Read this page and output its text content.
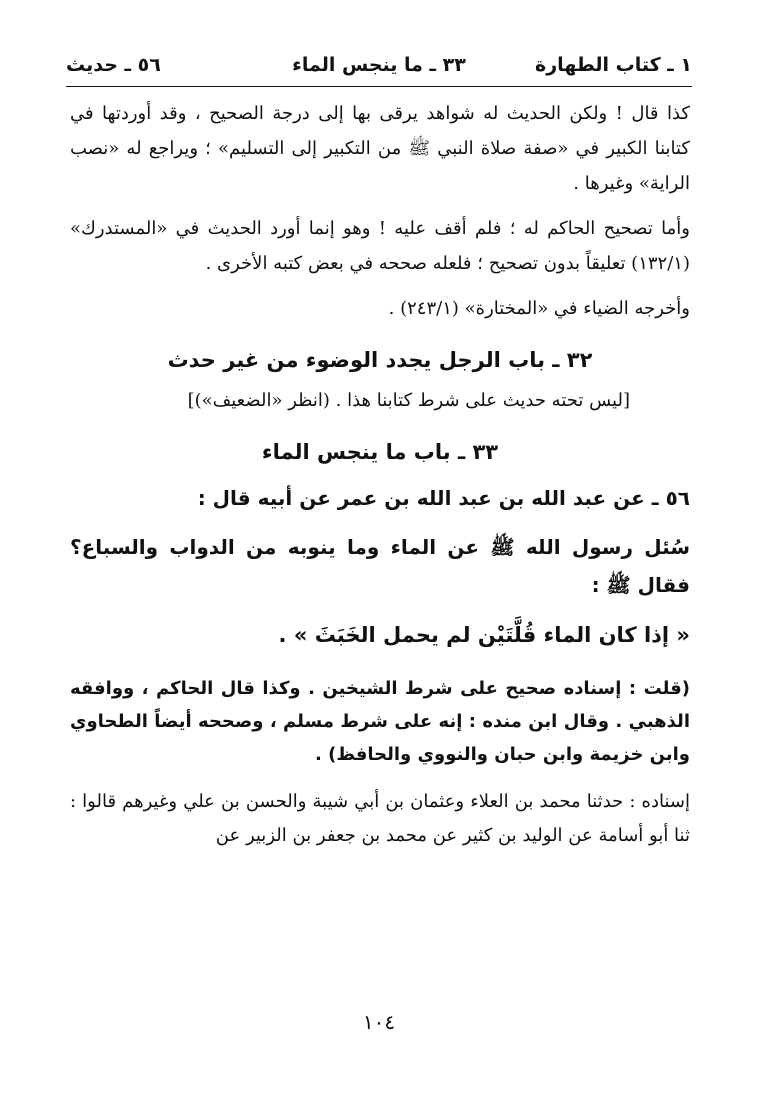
١ ـ كتاب الطهارة
٣٣ ـ ما ينجس الماء
٥٦ ـ حديث

كذا قال ! ولكن الحديث له شواهد يرقى بها إلى درجة الصحيح ، وقد أوردتها في كتابنا الكبير في «صفة صلاة النبي ﷺ من التكبير إلى التسليم» ؛ ويراجع له «نصب الراية» وغيرها .

وأما تصحيح الحاكم له ؛ فلم أقف عليه ! وهو إنما أورد الحديث في «المستدرك» (١٣٢/١) تعليقاً بدون تصحيح ؛ فلعله صححه في بعض كتبه الأخرى .

وأخرجه الضياء في «المختارة» (٢٤٣/١) .

٣٢ ـ باب الرجل يجدد الوضوء من غير حدث

[ليس تحته حديث على شرط كتابنا هذا . (انظر «الضعيف»)]

٣٣ ـ باب ما ينجس الماء

٥٦ ـ عن عبد الله بن عبد الله بن عمر عن أبيه قال :

سُئل رسول الله ﷺ عن الماء وما ينوبه من الدواب والسباع؟ فقال ﷺ :

« إذا كان الماء قُلَّتَيْن لم يحمل الخَبَثَ » .

(قلت : إسناده صحيح على شرط الشيخين . وكذا قال الحاكم ، ووافقه الذهبي . وقال ابن منده : إنه على شرط مسلم ، وصححه أيضاً الطحاوي وابن خزيمة وابن حبان والنووي والحافظ) .

إسناده : حدثنا محمد بن العلاء وعثمان بن أبي شيبة والحسن بن علي وغيرهم قالوا : ثنا أبو أسامة عن الوليد بن كثير عن محمد بن جعفر بن الزبير عن

١٠٤
